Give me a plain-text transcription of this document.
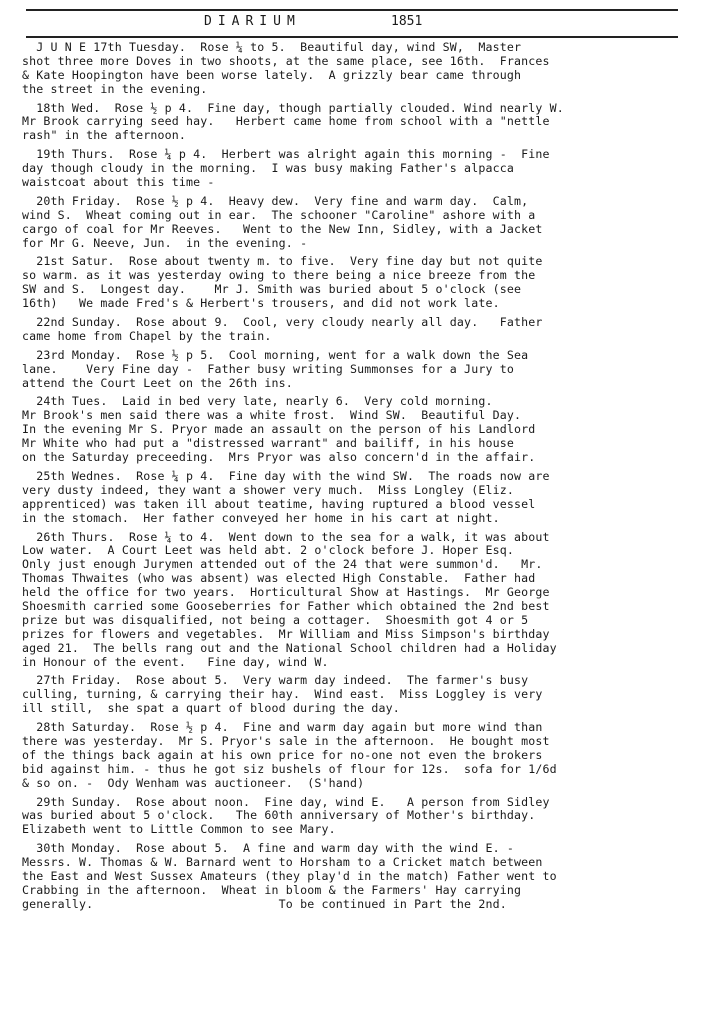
DIARIUM	1851
J U N E 17th Tuesday.  Rose ¼ to 5.  Beautiful day, wind SW,  Master
shot three more Doves in two shoots, at the same place, see 16th.  Frances
& Kate Hoopington have been worse lately.  A grizzly bear came through
the street in the evening.
18th Wed.  Rose ½ p 4.  Fine day, though partially clouded. Wind nearly W.
Mr Brook carrying seed hay.   Herbert came home from school with a "nettle
rash" in the afternoon.
19th Thurs.  Rose ¼ p 4.  Herbert was alright again this morning -  Fine
day though cloudy in the morning.  I was busy making Father's alpacca
waistcoat about this time -
20th Friday.  Rose ½ p 4.  Heavy dew.  Very fine and warm day.  Calm,
wind S.  Wheat coming out in ear.  The schooner "Caroline" ashore with a
cargo of coal for Mr Reeves.   Went to the New Inn, Sidley, with a Jacket
for Mr G. Neeve, Jun.  in the evening. -
21st Satur.  Rose about twenty m. to five.  Very fine day but not quite
so warm. as it was yesterday owing to there being a nice breeze from the
SW and S.  Longest day.    Mr J. Smith was buried about 5 o'clock (see
16th)   We made Fred's & Herbert's trousers, and did not work late.
22nd Sunday.  Rose about 9.  Cool, very cloudy nearly all day.   Father
came home from Chapel by the train.
23rd Monday.  Rose ½ p 5.  Cool morning, went for a walk down the Sea
lane.    Very Fine day -  Father busy writing Summonses for a Jury to
attend the Court Leet on the 26th ins.
24th Tues.  Laid in bed very late, nearly 6.  Very cold morning.
Mr Brook's men said there was a white frost.  Wind SW.  Beautiful Day.
In the evening Mr S. Pryor made an assault on the person of his Landlord
Mr White who had put a "distressed warrant" and bailiff, in his house
on the Saturday preceeding.  Mrs Pryor was also concern'd in the affair.
25th Wednes.  Rose ¼ p 4.  Fine day with the wind SW.  The roads now are
very dusty indeed, they want a shower very much.  Miss Longley (Eliz.
apprenticed) was taken ill about teatime, having ruptured a blood vessel
in the stomach.  Her father conveyed her home in his cart at night.
26th Thurs.  Rose ¼ to 4.  Went down to the sea for a walk, it was about
Low water.  A Court Leet was held abt. 2 o'clock before J. Hoper Esq.
Only just enough Jurymen attended out of the 24 that were summon'd.   Mr.
Thomas Thwaites (who was absent) was elected High Constable.  Father had
held the office for two years.  Horticultural Show at Hastings.  Mr George
Shoesmith carried some Gooseberries for Father which obtained the 2nd best
prize but was disqualified, not being a cottager.  Shoesmith got 4 or 5
prizes for flowers and vegetables.  Mr William and Miss Simpson's birthday
aged 21.  The bells rang out and the National School children had a Holiday
in Honour of the event.   Fine day, wind W.
27th Friday.  Rose about 5.  Very warm day indeed.  The farmer's busy
culling, turning, & carrying their hay.  Wind east.  Miss Loggley is very
ill still,  she spat a quart of blood during the day.
28th Saturday.  Rose ½ p 4.  Fine and warm day again but more wind than
there was yesterday.  Mr S. Pryor's sale in the afternoon.  He bought most
of the things back again at his own price for no-one not even the brokers
bid against him. - thus he got siz bushels of flour for 12s.  sofa for 1/6d
& so on. -  Ody Wenham was auctioneer.  (S'hand)
29th Sunday.  Rose about noon.  Fine day, wind E.   A person from Sidley
was buried about 5 o'clock.   The 60th anniversary of Mother's birthday.
Elizabeth went to Little Common to see Mary.
30th Monday.  Rose about 5.  A fine and warm day with the wind E. -
Messrs. W. Thomas & W. Barnard went to Horsham to a Cricket match between
the East and West Sussex Amateurs (they play'd in the match) Father went to
Crabbing in the afternoon.  Wheat in bloom & the Farmers' Hay carrying
generally.                          To be continued in Part the 2nd.
